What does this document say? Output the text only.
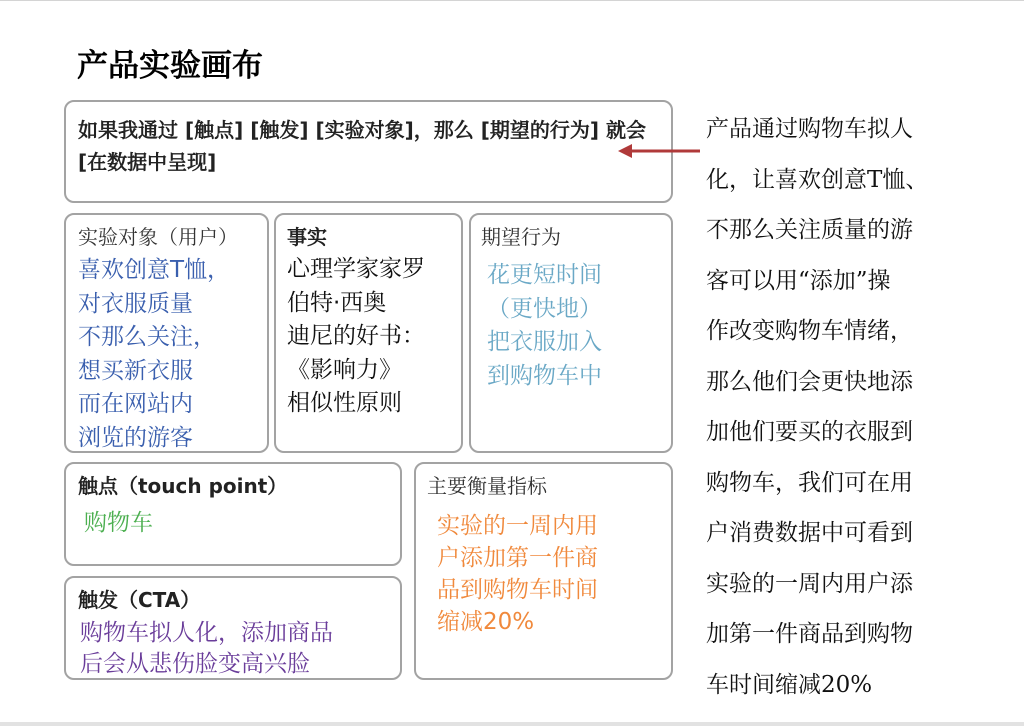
产品实验画布
如果我通过 [触点] [触发] [实验对象]，那么 [期望的行为] 就会 [在数据中呈现]
实验对象（用户）
喜欢创意T恤，
对衣服质量
不那么关注，
想买新衣服
而在网站内
浏览的游客
事实
心理学家家罗
伯特·西奥
迪尼的好书：
《影响力》
相似性原则
期望行为
花更短时间
（更快地）
把衣服加入
到购物车中
触点（touch point）
购物车
触发（CTA）
购物车拟人化，添加商品
后会从悲伤脸变高兴脸
主要衡量指标
实验的一周内用
户添加第一件商
品到购物车时间
缩减20%
产品通过购物车拟人
化，让喜欢创意T恤、
不那么关注质量的游
客可以用“添加”操
作改变购物车情绪，
那么他们会更快地添
加他们要买的衣服到
购物车，我们可在用
户消费数据中可看到
实验的一周内用户添
加第一件商品到购物
车时间缩减20%
